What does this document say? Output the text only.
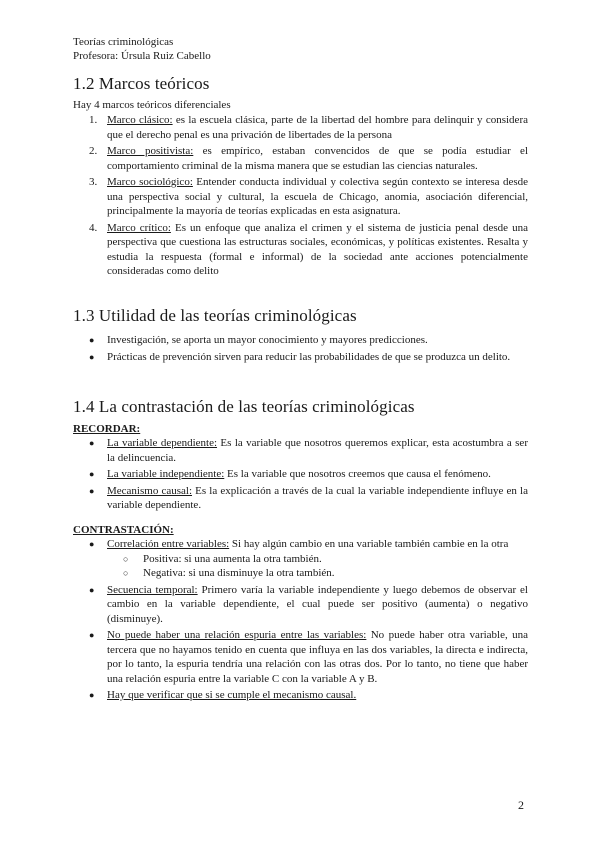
Teorías criminológicas
Profesora: Úrsula Ruiz Cabello
1.2 Marcos teóricos
Hay 4 marcos teóricos diferenciales
1. Marco clásico: es la escuela clásica, parte de la libertad del hombre para delinquir y considera que el derecho penal es una privación de libertades de la persona
2. Marco positivista: es empírico, estaban convencidos de que se podía estudiar el comportamiento criminal de la misma manera que se estudian las ciencias naturales.
3. Marco sociológico: Entender conducta individual y colectiva según contexto se interesa desde una perspectiva social y cultural, la escuela de Chicago, anomia, asociación diferencial, principalmente la mayoría de teorías explicadas en esta asignatura.
4. Marco crítico: Es un enfoque que analiza el crimen y el sistema de justicia penal desde una perspectiva que cuestiona las estructuras sociales, económicas, y políticas existentes. Resalta y estudia la respuesta (formal e informal) de la sociedad ante acciones potencialmente consideradas como delito
1.3 Utilidad de las teorías criminológicas
● Investigación, se aporta un mayor conocimiento y mayores predicciones.
● Prácticas de prevención sirven para reducir las probabilidades de que se produzca un delito.
1.4 La contrastación de las teorías criminológicas
RECORDAR:
● La variable dependiente: Es la variable que nosotros queremos explicar, esta acostumbra a ser la delincuencia.
● La variable independiente: Es la variable que nosotros creemos que causa el fenómeno.
● Mecanismo causal: Es la explicación a través de la cual la variable independiente influye en la variable dependiente.
CONTRASTACIÓN:
● Correlación entre variables: Si hay algún cambio en una variable también cambie en la otra
○ Positiva: si una aumenta la otra también.
○ Negativa: si una disminuye la otra también.
● Secuencia temporal: Primero varía la variable independiente y luego debemos de observar el cambio en la variable dependiente, el cual puede ser positivo (aumenta) o negativo (disminuye).
● No puede haber una relación espuria entre las variables: No puede haber otra variable, una tercera que no hayamos tenido en cuenta que influya en las dos variables, la directa e indirecta, por lo tanto, la espuria tendría una relación con las otras dos. Por lo tanto, no tiene que haber una relación espuria entre la variable C con la variable A y B.
● Hay que verificar que si se cumple el mecanismo causal.
2
